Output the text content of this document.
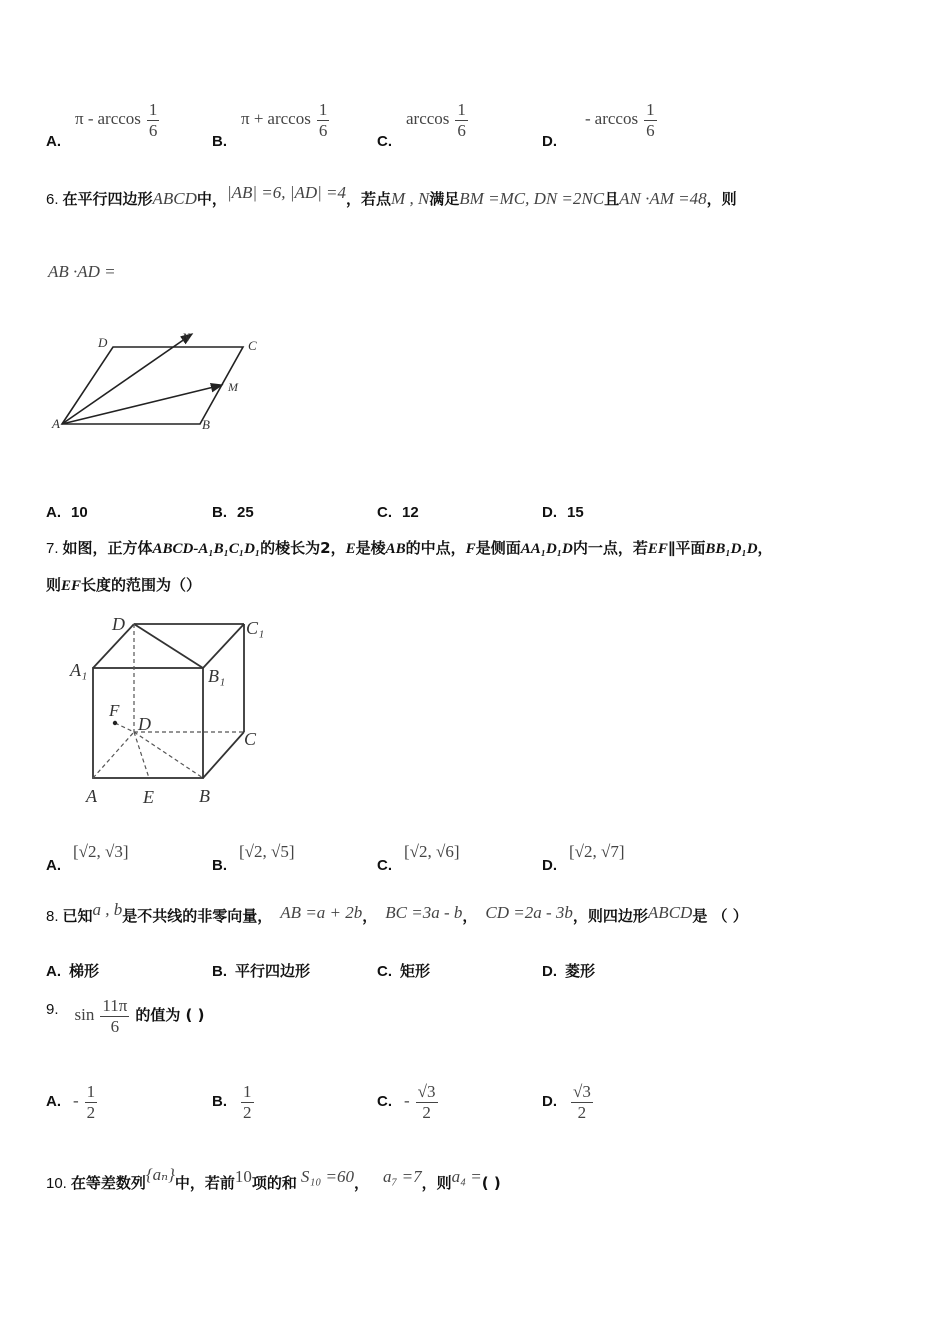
A. π - $\arccos \frac{1}{6}$
B. $\pi + \arccos \frac{1}{6}$
C. $\arccos \frac{1}{6}$
D. - $\arccos \frac{1}{6}$
6. 在平行四边形ABCD中，|AB| =6, |AD| =4，若点M , N满足BM =MC, DN =2NC且AN ·AM =48，则
AB ·AD =
D	N
C
M
A	B
A. 10	B. 25	C. 12	D. 15
7. 如图，正方体ABCD-A₁B₁C₁D₁的棱长为2，E是棱AB的中点，F是侧面AA₁D₁D内一点，若EF∥平面BB₁D₁D，
则EF长度的范围为（）
D	C₁
A₁	B₁
F
D
C
A	E	B
A.[√2, √3]
B.[√2, √5]
C.[√2, √6]
D.[√2, √7]
8. 已知a , b是不共线的非零向量， AB =a + 2b， BC =3a - b， CD =2a - 3b，则四边形ABCD是 （ ）
A. 梯形	B. 平行四边形	C. 矩形	D. 菱形
9. $\sin \frac{11\pi}{6}$ 的值为 ( )
A. - $\frac{1}{2}$	B. $\frac{1}{2}$	C. - $\frac{√3}{2}$	D. $\frac{√3}{2}$
10. 在等差数列{aₙ}中，若前10项的和 S₁₀ =60， a₇ =7，则a₄ =( )
